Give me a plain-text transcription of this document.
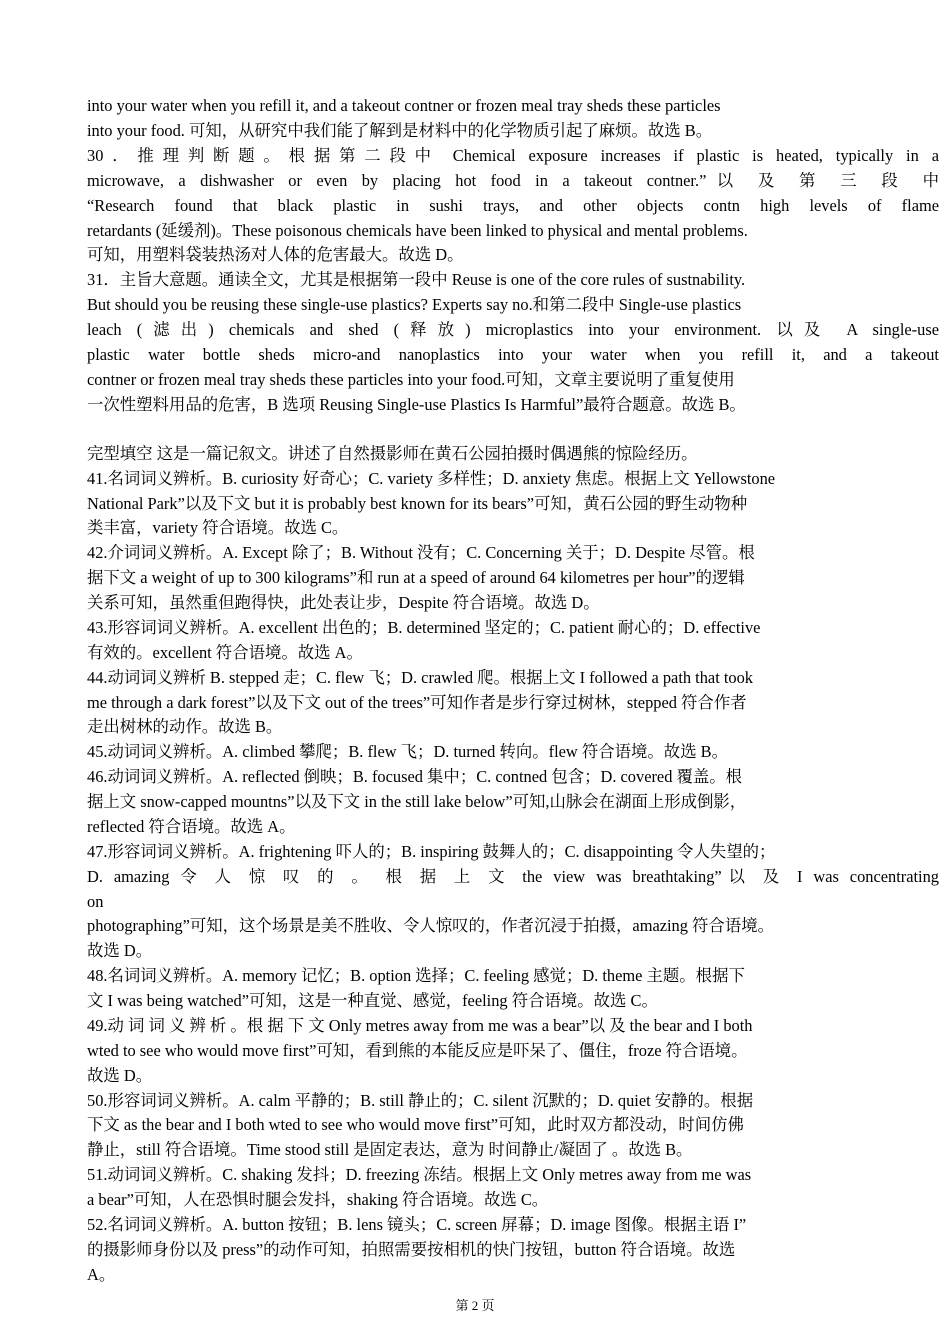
into your water when you refill it, and a takeout contner or frozen meal tray sheds these particles
into your food. 可知，从研究中我们能了解到是材料中的化学物质引起了麻烦。故选 B。
30．推理判断题。根据第二段中 Chemical exposure increases if plastic is heated, typically in a
microwave, a dishwasher or even by placing hot food in a takeout contner.”以 及 第 三 段 中
“Research found that black plastic in sushi trays, and other objects contn high levels of flame
retardants (延缓剂)。These poisonous chemicals have been linked to physical and mental problems.
可知，用塑料袋装热汤对人体的危害最大。故选 D。
31．主旨大意题。通读全文，尤其是根据第一段中 Reuse is one of the core rules of sustnability.
But should you be reusing these single-use plastics? Experts say no.和第二段中 Single-use plastics
leach (滤出) chemicals and shed (释放) microplastics into your environment. 以及 A single-use
plastic water bottle sheds micro-and nanoplastics into your water when you refill it, and a takeout
contner or frozen meal tray sheds these particles into your food.可知，文章主要说明了重复使用
一次性塑料用品的危害，B 选项 Reusing Single-use Plastics Is Harmful”最符合题意。故选 B。
完型填空 这是一篇记叙文。讲述了自然摄影师在黄石公园拍摄时偶遇熊的惊险经历。
41.名词词义辨析。B. curiosity 好奇心；C. variety 多样性；D. anxiety 焦虑。根据上文 Yellowstone
National Park”以及下文 but it is probably best known for its bears”可知，黄石公园的野生动物种
类丰富，variety 符合语境。故选 C。
42.介词词义辨析。A. Except 除了；B. Without 没有；C. Concerning 关于；D. Despite 尽管。根
据下文 a weight of up to 300 kilograms”和 run at a speed of around 64 kilometres per hour”的逻辑
关系可知，虽然重但跑得快，此处表让步，Despite 符合语境。故选 D。
43.形容词词义辨析。A. excellent 出色的；B. determined 坚定的；C. patient 耐心的；D. effective
有效的。excellent 符合语境。故选 A。
44.动词词义辨析 B. stepped 走；C. flew 飞；D. crawled 爬。根据上文 I followed a path that took
me through a dark forest”以及下文 out of the trees”可知作者是步行穿过树林，stepped 符合作者
走出树林的动作。故选 B。
45.动词词义辨析。A. climbed 攀爬；B. flew 飞；D. turned 转向。flew 符合语境。故选 B。
46.动词词义辨析。A. reflected 倒映；B. focused 集中；C. contned 包含；D. covered 覆盖。根
据上文 snow-capped mountns”以及下文 in the still lake below”可知,山脉会在湖面上形成倒影，
reflected 符合语境。故选 A。
47.形容词词义辨析。A. frightening 吓人的；B. inspiring 鼓舞人的；C. disappointing 令人失望的；
D. amazing 令 人 惊 叹 的 。 根 据 上 文 the view was breathtaking”以 及 I was concentrating
on
photographing”可知，这个场景是美不胜收、令人惊叹的，作者沉浸于拍摄，amazing 符合语境。
故选 D。
48.名词词义辨析。A. memory 记忆；B. option 选择；C. feeling 感觉；D. theme 主题。根据下
文 I was being watched”可知，这是一种直觉、感觉，feeling 符合语境。故选 C。
49.动 词 词 义 辨 析 。根 据 下 文 Only metres away from me was a bear”以 及 the bear and I both
wted to see who would move first”可知，看到熊的本能反应是吓呆了、僵住，froze 符合语境。
故选 D。
50.形容词词义辨析。A. calm 平静的；B. still 静止的；C. silent 沉默的；D. quiet 安静的。根据
下文 as the bear and I both wted to see who would move first”可知，此时双方都没动，时间仿佛
静止，still 符合语境。Time stood still 是固定表达，意为 时间静止/凝固了 。故选 B。
51.动词词义辨析。C. shaking 发抖；D. freezing 冻结。根据上文 Only metres away from me was
a bear”可知，人在恐惧时腿会发抖，shaking 符合语境。故选 C。
52.名词词义辨析。A. button 按钮；B. lens 镜头；C. screen 屏幕；D. image 图像。根据主语 I”
的摄影师身份以及 press”的动作可知，拍照需要按相机的快门按钮，button 符合语境。故选
A。
第 2 页
